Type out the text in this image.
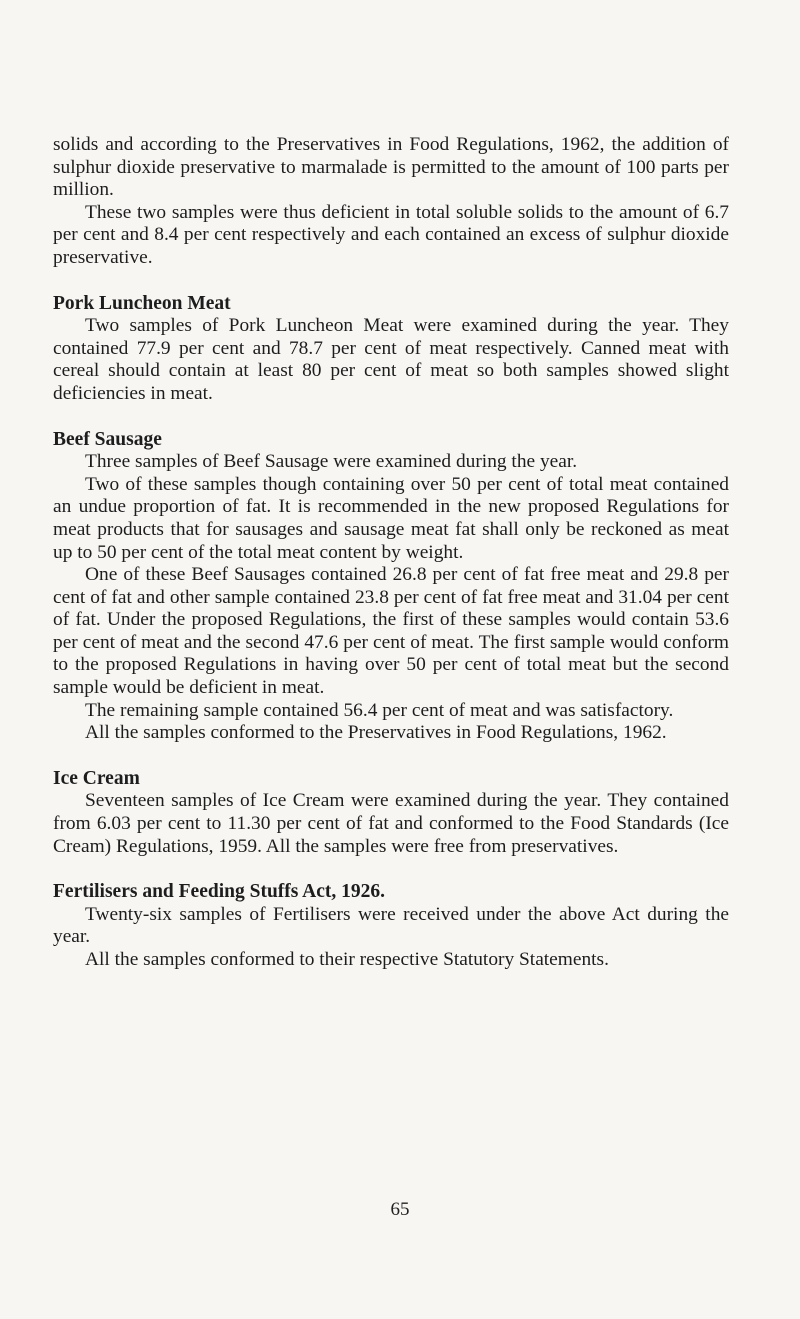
solids and according to the Preservatives in Food Regulations, 1962, the addition of sulphur dioxide preservative to marmalade is permitted to the amount of 100 parts per million.

These two samples were thus deficient in total soluble solids to the amount of 6.7 per cent and 8.4 per cent respectively and each contained an excess of sulphur dioxide preservative.

Pork Luncheon Meat

Two samples of Pork Luncheon Meat were examined during the year. They contained 77.9 per cent and 78.7 per cent of meat respectively. Canned meat with cereal should contain at least 80 per cent of meat so both samples showed slight deficiencies in meat.

Beef Sausage

Three samples of Beef Sausage were examined during the year.

Two of these samples though containing over 50 per cent of total meat contained an undue proportion of fat. It is recommended in the new proposed Regulations for meat products that for sausages and sausage meat fat shall only be reckoned as meat up to 50 per cent of the total meat content by weight.

One of these Beef Sausages contained 26.8 per cent of fat free meat and 29.8 per cent of fat and other sample contained 23.8 per cent of fat free meat and 31.04 per cent of fat. Under the proposed Regulations, the first of these samples would contain 53.6 per cent of meat and the second 47.6 per cent of meat. The first sample would conform to the proposed Regulations in having over 50 per cent of total meat but the second sample would be deficient in meat.

The remaining sample contained 56.4 per cent of meat and was satisfactory.

All the samples conformed to the Preservatives in Food Regulations, 1962.

Ice Cream

Seventeen samples of Ice Cream were examined during the year. They contained from 6.03 per cent to 11.30 per cent of fat and conformed to the Food Standards (Ice Cream) Regulations, 1959. All the samples were free from preservatives.

Fertilisers and Feeding Stuffs Act, 1926.

Twenty-six samples of Fertilisers were received under the above Act during the year.

All the samples conformed to their respective Statutory Statements.

65
